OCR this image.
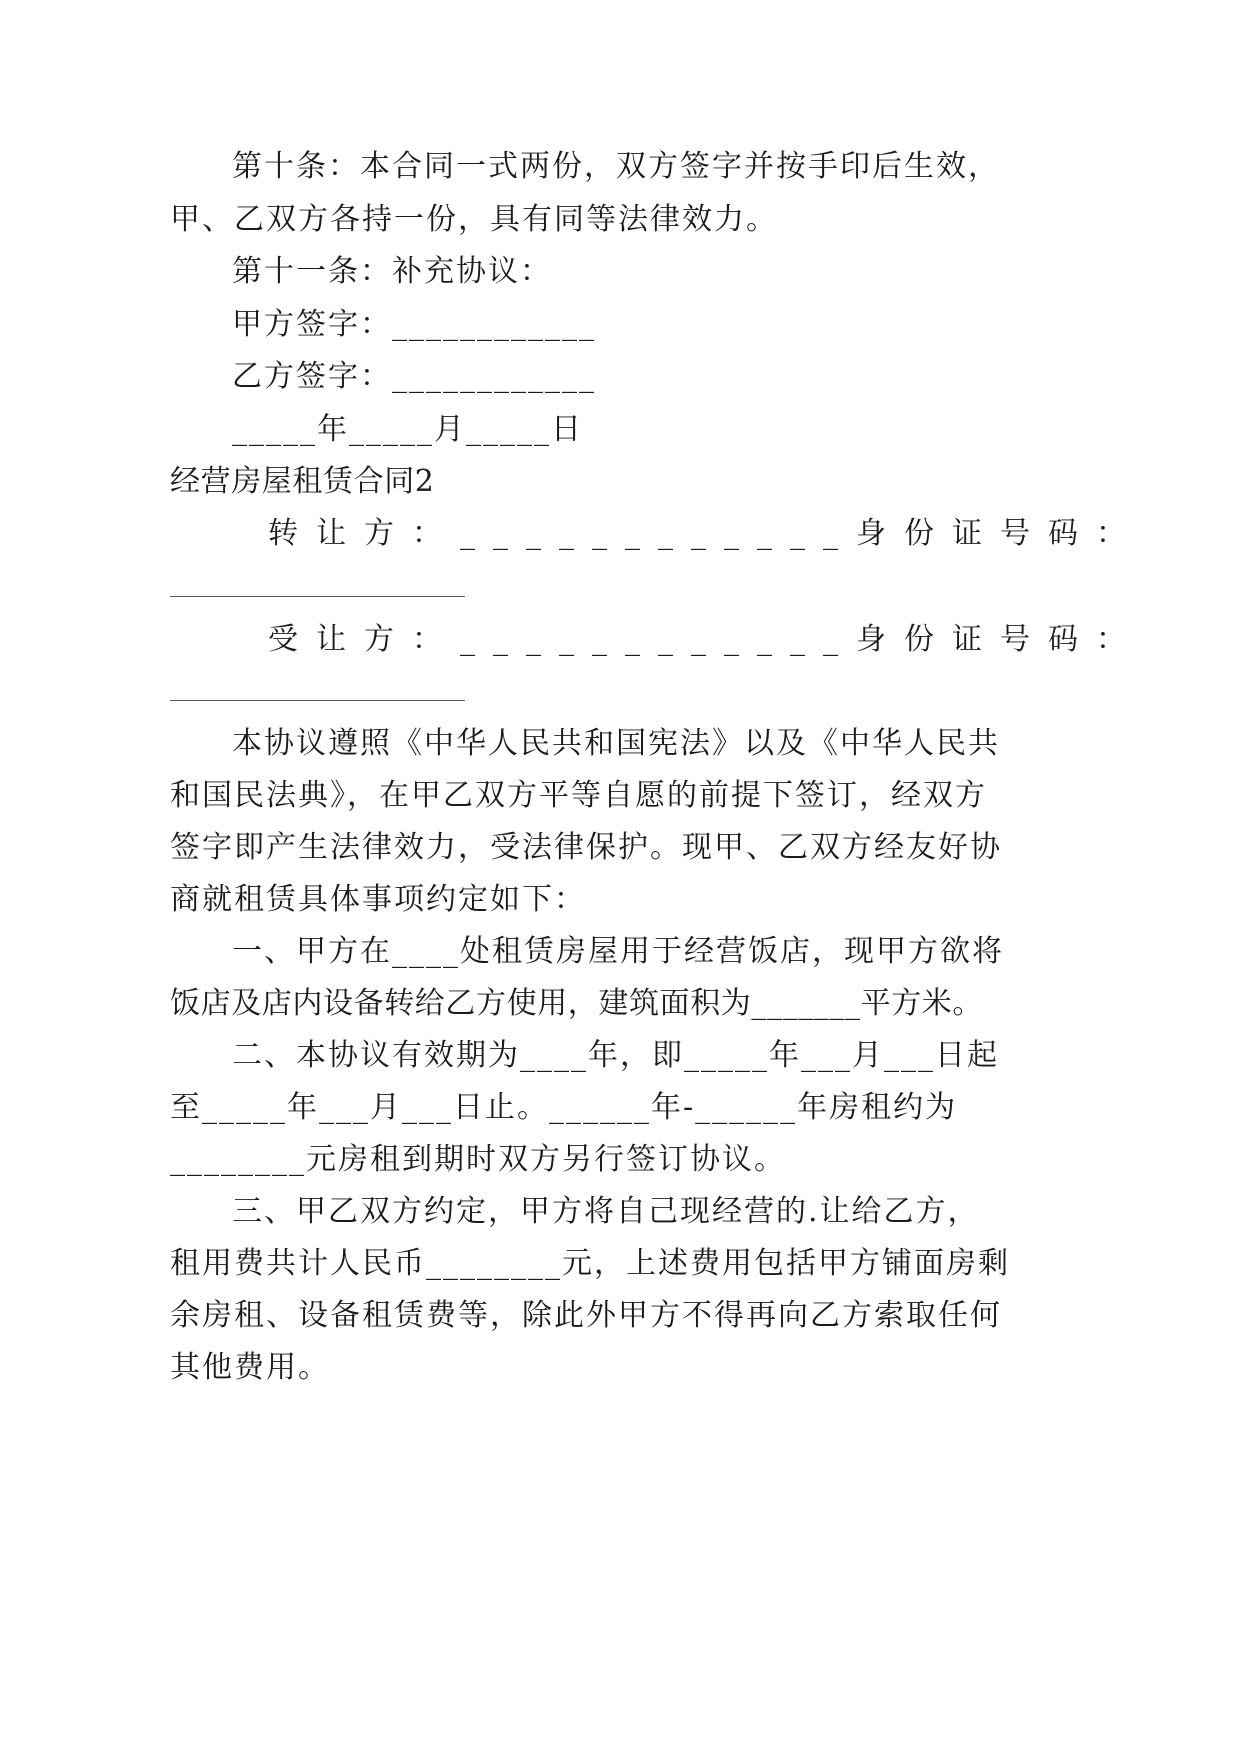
第十条：本合同一式两份，双方签字并按手印后生效，
甲、乙双方各持一份，具有同等法律效力。
第十一条：补充协议：
甲方签字：____________
乙方签字：____________
_____年_____月_____日
经营房屋租赁合同2
转让方：____________身份证号码：
受让方：____________身份证号码：
本协议遵照《中华人民共和国宪法》以及《中华人民共
和国民法典》，在甲乙双方平等自愿的前提下签订，经双方
签字即产生法律效力，受法律保护。现甲、乙双方经友好协
商就租赁具体事项约定如下：
一、甲方在____处租赁房屋用于经营饭店，现甲方欲将
饭店及店内设备转给乙方使用，建筑面积为_______平方米。
二、本协议有效期为____年，即_____年___月___日起
至_____年___月___日止。______年-______年房租约为
________元房租到期时双方另行签订协议。
三、甲乙双方约定，甲方将自己现经营的.让给乙方，
租用费共计人民币________元，上述费用包括甲方铺面房剩
余房租、设备租赁费等，除此外甲方不得再向乙方索取任何
其他费用。
